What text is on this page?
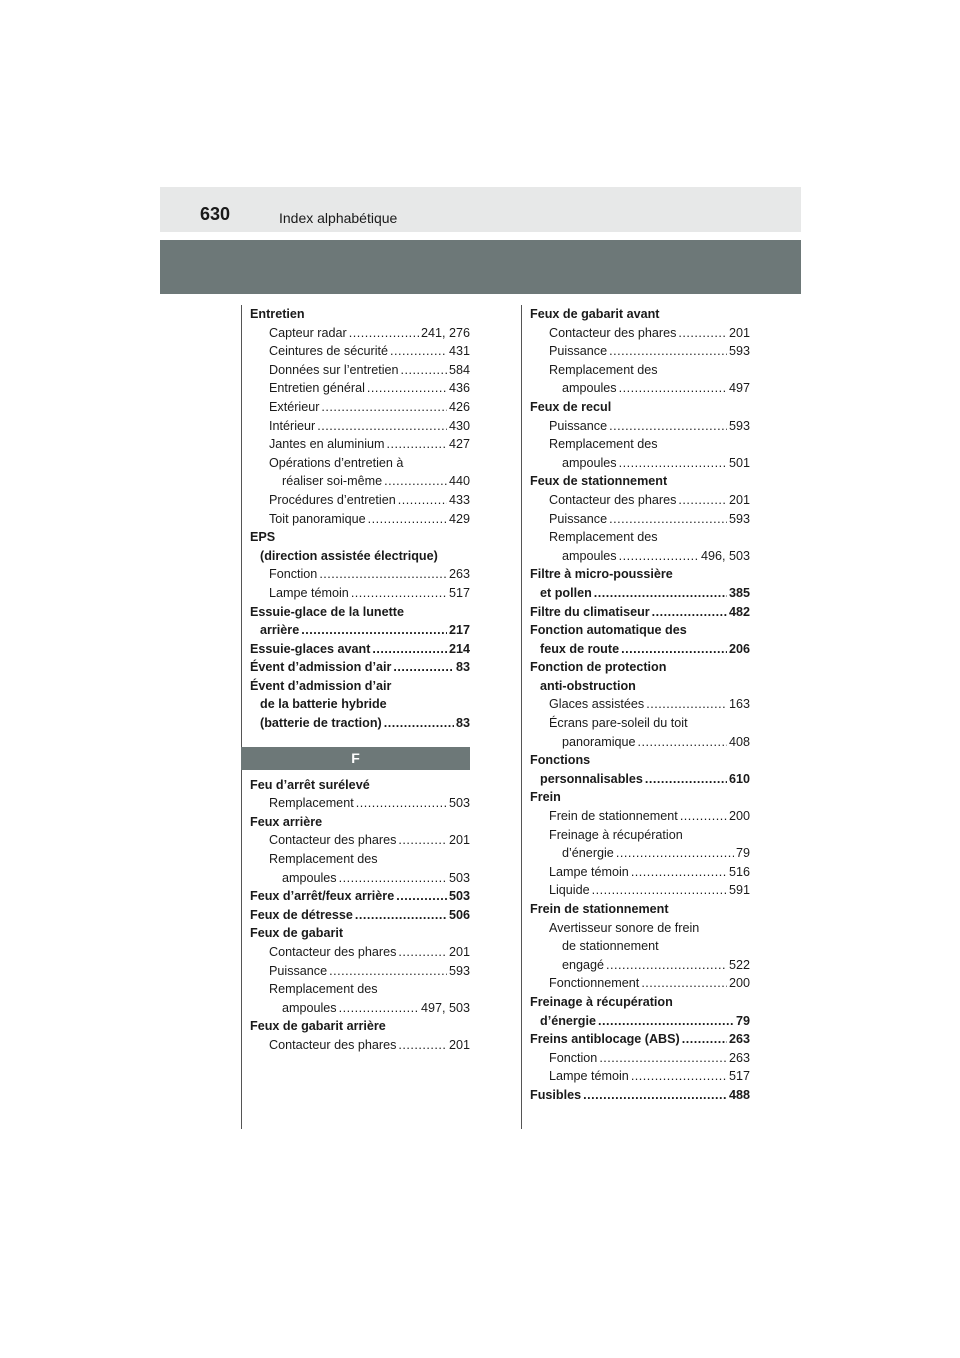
630	Index alphabétique
Entretien
Capteur radar .....	241, 276
Ceintures de sécurité .....	431
Données sur l’entretien .....	584
Entretien général .....	436
Extérieur .....	426
Intérieur .....	430
Jantes en aluminium .....	427
Opérations d’entretien à
réaliser soi-même .....	440
Procédures d’entretien .....	433
Toit panoramique .....	429
EPS
(direction assistée électrique)
Fonction .....	263
Lampe témoin .....	517
Essuie-glace de la lunette
arrière .....	217
Essuie-glaces avant .....	214
Évent d’admission d’air .....	83
Évent d’admission d’air
de la batterie hybride
(batterie de traction) .....	83
F
Feu d’arrêt surélevé
Remplacement .....	503
Feux arrière
Contacteur des phares .....	201
Remplacement des
ampoules .....	503
Feux d’arrêt/feux arrière .....	503
Feux de détresse .....	506
Feux de gabarit
Contacteur des phares .....	201
Puissance .....	593
Remplacement des
ampoules .....	497, 503
Feux de gabarit arrière
Contacteur des phares .....	201
Feux de gabarit avant
Contacteur des phares .....	201
Puissance .....	593
Remplacement des
ampoules .....	497
Feux de recul
Puissance .....	593
Remplacement des
ampoules .....	501
Feux de stationnement
Contacteur des phares .....	201
Puissance .....	593
Remplacement des
ampoules .....	496, 503
Filtre à micro-poussière
et pollen .....	385
Filtre du climatiseur .....	482
Fonction automatique des
feux de route .....	206
Fonction de protection
anti-obstruction
Glaces assistées .....	163
Écrans pare-soleil du toit
panoramique .....	408
Fonctions
personnalisables .....	610
Frein
Frein de stationnement .....	200
Freinage à récupération
d’énergie .....	79
Lampe témoin .....	516
Liquide .....	591
Frein de stationnement
Avertisseur sonore de frein
de stationnement
engagé .....	522
Fonctionnement .....	200
Freinage à récupération
d’énergie .....	79
Freins antiblocage (ABS) .....	263
Fonction .....	263
Lampe témoin .....	517
Fusibles .....	488
